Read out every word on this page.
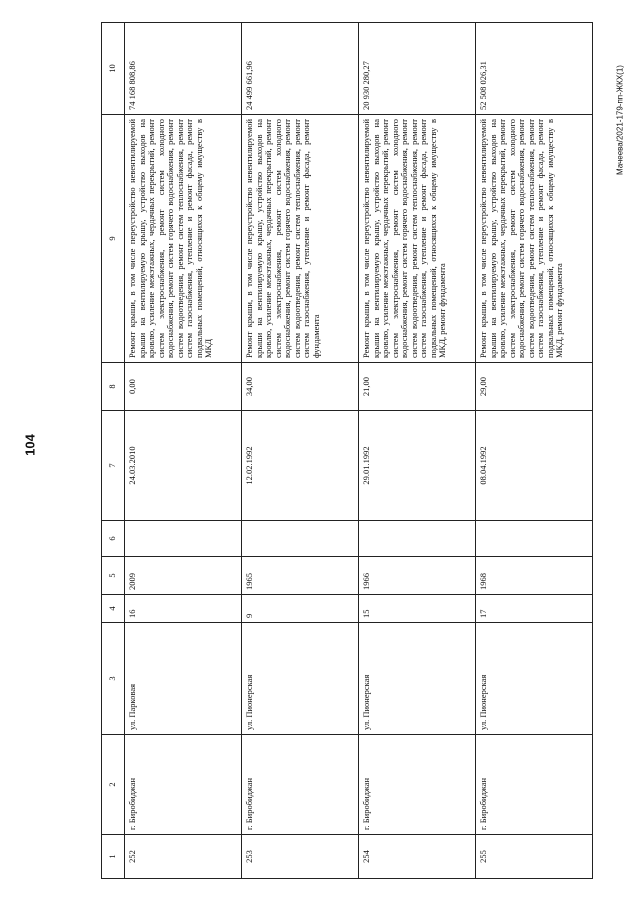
104
Мачеева/2021-179-пп-ЖКХ(1)
1	2	3	4	5	6	7	8	9	10
252	г. Биробиджан	ул. Парковая	16	2009		24.03.2010	0,00	Ремонт крыши, в том числе переустройство невентилируемой крыши на вентилируемую крышу, устройство выходов на кровлю, усиление межэтажных, чердачных перекрытий, ремонт систем электроснабжения, ремонт систем холодного водоснабжения, ремонт систем горячего водоснабжения, ремонт систем водоотведения, ремонт систем теплоснабжения, ремонт систем газоснабжения, утепление и ремонт фасада, ремонт подвальных помещений, относящихся к общему имуществу в МКД	74 168 808,86
253	г. Биробиджан	ул. Пионерская	9	1965		12.02.1992	34,00	Ремонт крыши, в том числе переустройство невентилируемой крыши на вентилируемую крышу, устройство выходов на кровлю, усиление межэтажных, чердачных перекрытий, ремонт систем электроснабжения, ремонт систем холодного водоснабжения, ремонт систем горячего водоснабжения, ремонт систем водоотведения, ремонт систем теплоснабжения, ремонт систем газоснабжения, утепление и ремонт фасада, ремонт фундамента	24 499 661,96
254	г. Биробиджан	ул. Пионерская	15	1966		29.01.1992	21,00	Ремонт крыши, в том числе переустройство невентилируемой крыши на вентилируемую крышу, устройство выходов на кровлю, усиление межэтажных, чердачных перекрытий, ремонт систем электроснабжения, ремонт систем холодного водоснабжения, ремонт систем горячего водоснабжения, ремонт систем водоотведения, ремонт систем теплоснабжения, ремонт систем газоснабжения, утепление и ремонт фасада, ремонт подвальных помещений, относящихся к общему имуществу в МКД, ремонт фундамента	20 930 280,27
255	г. Биробиджан	ул. Пионерская	17	1968		08.04.1992	29,00	Ремонт крыши, в том числе переустройство невентилируемой крыши на вентилируемую крышу, устройство выходов на кровлю, усиление межэтажных, чердачных перекрытий, ремонт систем электроснабжения, ремонт систем холодного водоснабжения, ремонт систем горячего водоснабжения, ремонт систем водоотведения, ремонт систем теплоснабжения, ремонт систем газоснабжения, утепление и ремонт фасада, ремонт подвальных помещений, относящихся к общему имуществу в МКД, ремонт фундамента	52 508 026,31
